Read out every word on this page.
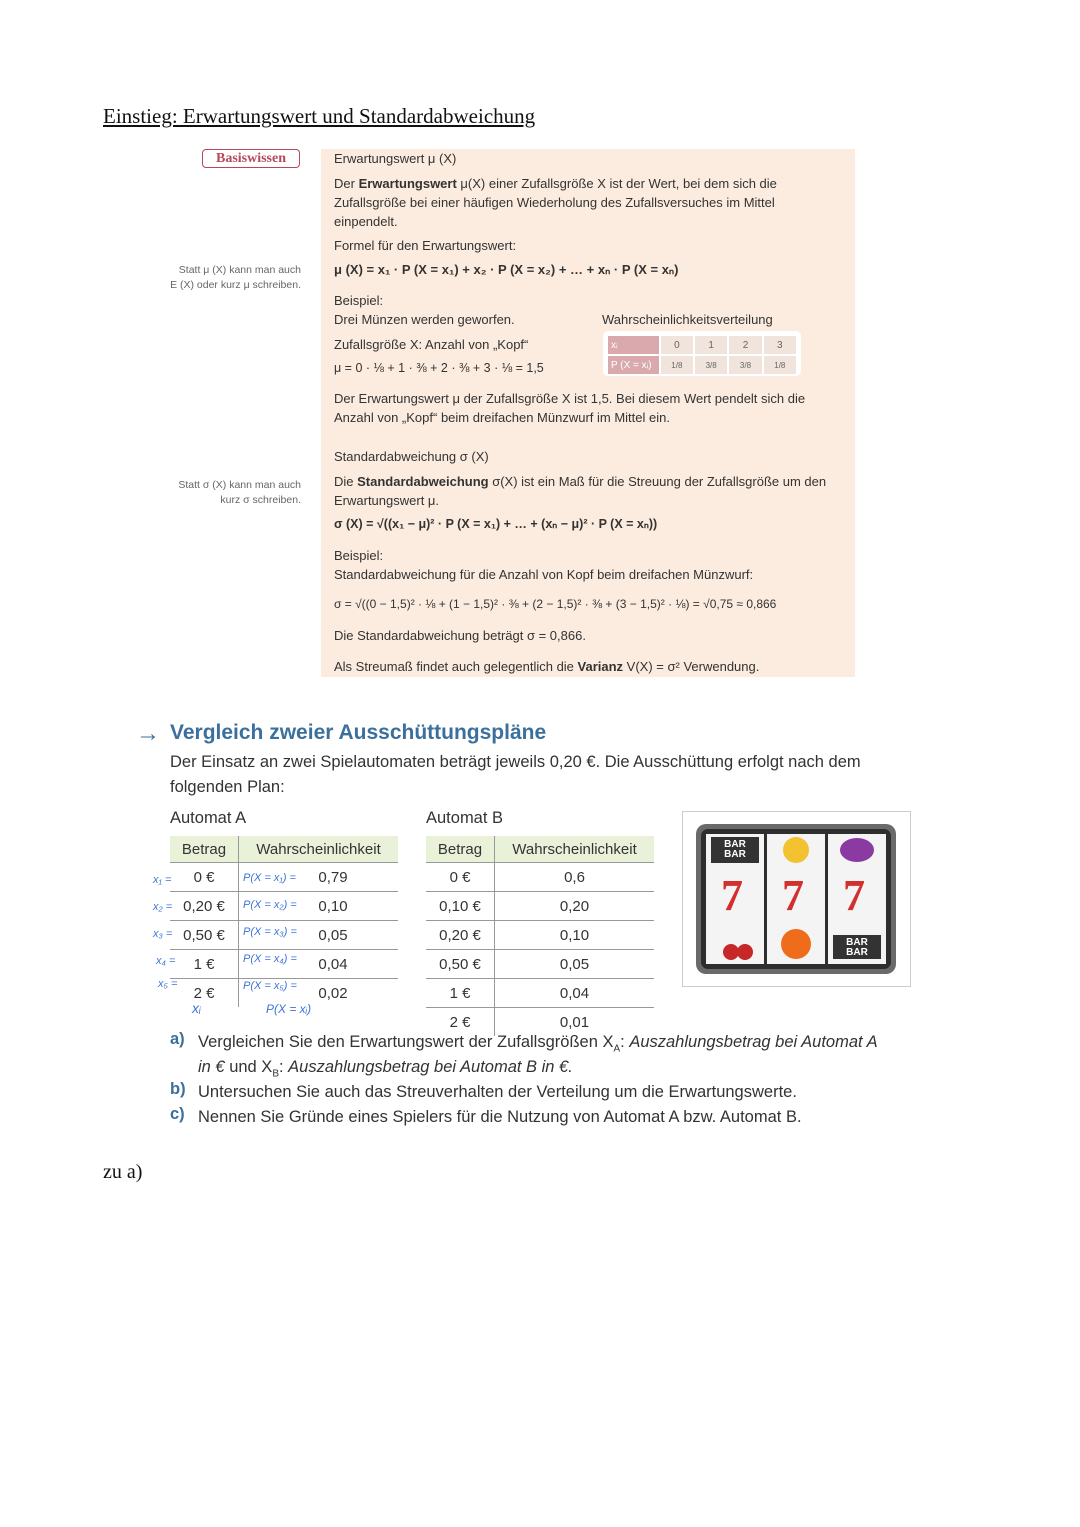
Einstieg: Erwartungswert und Standardabweichung
Basiswissen
Statt μ (X) kann man auch
E (X) oder kurz μ schreiben.
Statt σ (X) kann man auch
kurz σ schreiben.
Erwartungswert μ (X)
Der Erwartungswert μ(X) einer Zufallsgröße X ist der Wert, bei dem sich die
Zufallsgröße bei einer häufigen Wiederholung des Zufallsversuches im Mittel
einpendelt.
Formel für den Erwartungswert:
μ (X) = x₁ · P (X = x₁) + x₂ · P (X = x₂) + … + xₙ · P (X = xₙ)
Beispiel:
Drei Münzen werden geworfen.	Wahrscheinlichkeitsverteilung
Zufallsgröße X: Anzahl von „Kopf“
μ = 0 · ⅛ + 1 · ⅜ + 2 · ⅜ + 3 · ⅛ = 1,5
xᵢ	0	1	2	3
P (X = xᵢ)	1/8	3/8	3/8	1/8
Der Erwartungswert μ der Zufallsgröße X ist 1,5. Bei diesem Wert pendelt sich die
Anzahl von „Kopf“ beim dreifachen Münzwurf im Mittel ein.
Standardabweichung σ (X)
Die Standardabweichung σ(X) ist ein Maß für die Streuung der Zufallsgröße um den
Erwartungswert μ.
σ (X) = √((x₁ − μ)² · P (X = x₁) + … + (xₙ − μ)² · P (X = xₙ))
Beispiel:
Standardabweichung für die Anzahl von Kopf beim dreifachen Münzwurf:
σ = √((0 − 1,5)² · ⅛ + (1 − 1,5)² · ⅜ + (2 − 1,5)² · ⅜ + (3 − 1,5)² · ⅛) = √0,75 ≈ 0,866
Die Standardabweichung beträgt σ = 0,866.
Als Streumaß findet auch gelegentlich die Varianz V(X) = σ² Verwendung.
→ Vergleich zweier Ausschüttungspläne
Der Einsatz an zwei Spielautomaten beträgt jeweils 0,20 €. Die Ausschüttung erfolgt nach dem
folgenden Plan:
Automat A	Automat B
Betrag	Wahrscheinlichkeit
0 €	0,79
0,20 €	0,10
0,50 €	0,05
1 €	0,04
2 €	0,02
Betrag	Wahrscheinlichkeit
0 €	0,6
0,10 €	0,20
0,20 €	0,10
0,50 €	0,05
1 €	0,04
2 €	0,01
x₁ =
x₂ =
x₃ =
x₄ =
x₅ =
P(X = x₁) =
P(X = x₂) =
P(X = x₃) =
P(X = x₄) =
P(X = x₅) =
xᵢ	P(X = xᵢ)
BAR BAR
BAR BAR
7 7 7
a) Vergleichen Sie den Erwartungswert der Zufallsgrößen $X_A$: Auszahlungsbetrag bei Automat A
in € und $X_B$: Auszahlungsbetrag bei Automat B in €.
b) Untersuchen Sie auch das Streuverhalten der Verteilung um die Erwartungswerte.
c) Nennen Sie Gründe eines Spielers für die Nutzung von Automat A bzw. Automat B.
zu a)
